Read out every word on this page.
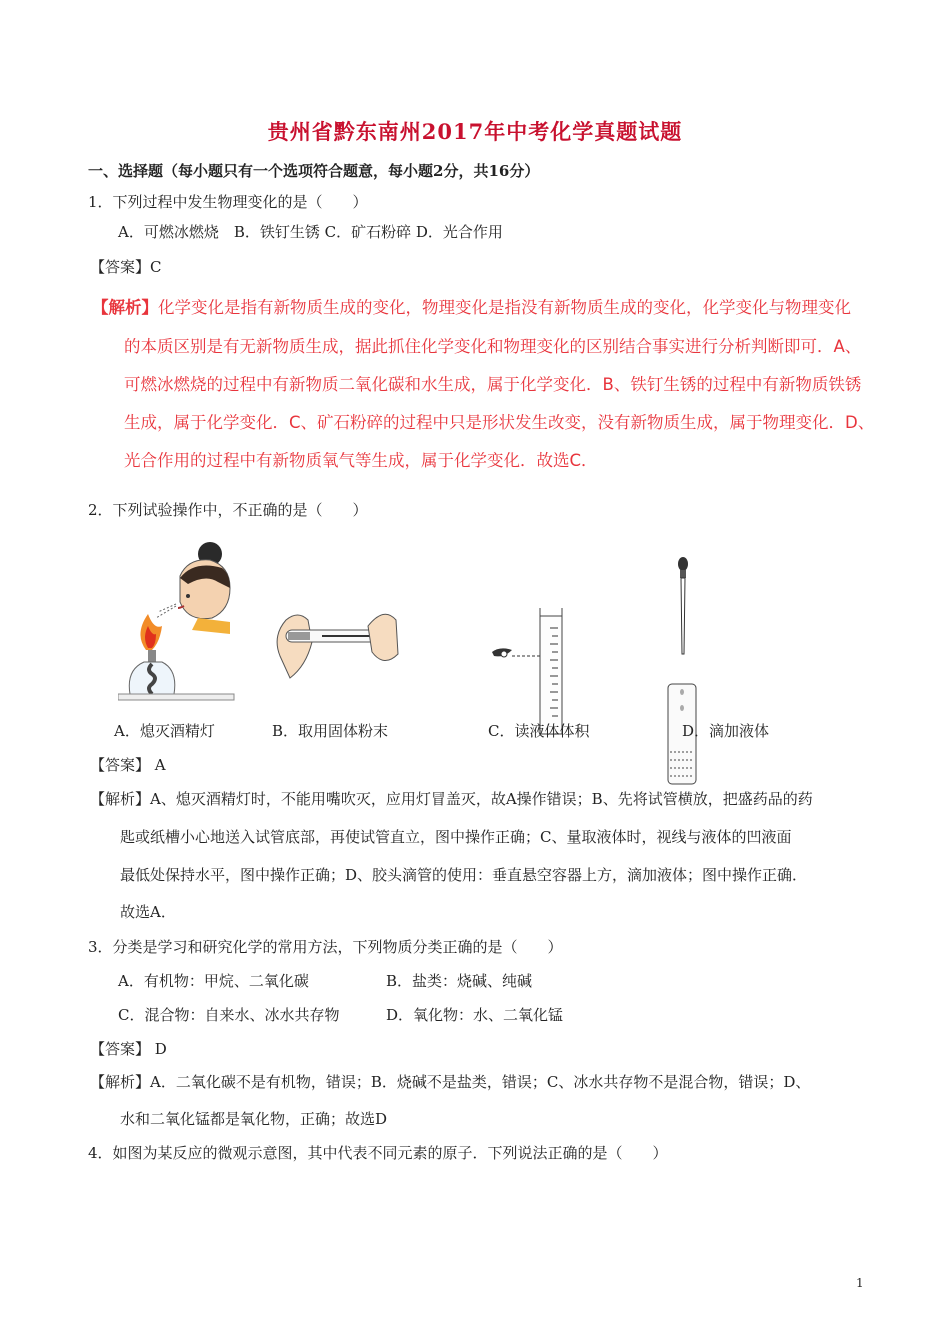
贵州省黔东南州2017年中考化学真题试题
一、选择题（每小题只有一个选项符合题意，每小题2分，共16分）
1．下列过程中发生物理变化的是（　　）
A．可燃冰燃烧　B．铁钉生锈 C．矿石粉碎 D．光合作用
【答案】C
【解析】化学变化是指有新物质生成的变化，物理变化是指没有新物质生成的变化，化学变化与物理变化
的本质区别是有无新物质生成，据此抓住化学变化和物理变化的区别结合事实进行分析判断即可．A、
可燃冰燃烧的过程中有新物质二氧化碳和水生成，属于化学变化．B、铁钉生锈的过程中有新物质铁锈
生成，属于化学变化．C、矿石粉碎的过程中只是形状发生改变，没有新物质生成，属于物理变化．D、
光合作用的过程中有新物质氧气等生成，属于化学变化．故选C．
2．下列试验操作中，不正确的是（　　）
A．熄灭酒精灯	B．取用固体粉末	C．读液体体积	D．滴加液体
【答案】 A
【解析】A、熄灭酒精灯时，不能用嘴吹灭，应用灯冒盖灭，故A操作错误；B、先将试管横放，把盛药品的药
匙或纸槽小心地送入试管底部，再使试管直立，图中操作正确；C、量取液体时，视线与液体的凹液面
最低处保持水平，图中操作正确；D、胶头滴管的使用：垂直悬空容器上方，滴加液体；图中操作正确．
故选A．
3．分类是学习和研究化学的常用方法，下列物质分类正确的是（　　）
A．有机物：甲烷、二氧化碳	B．盐类：烧碱、纯碱
C．混合物：自来水、冰水共存物	D．氧化物：水、二氧化锰
【答案】 D
【解析】A．二氧化碳不是有机物，错误；B．烧碱不是盐类，错误；C、冰水共存物不是混合物，错误；D、
水和二氧化锰都是氧化物，正确；故选D
4．如图为某反应的微观示意图，其中代表不同元素的原子．下列说法正确的是（　　）
1
